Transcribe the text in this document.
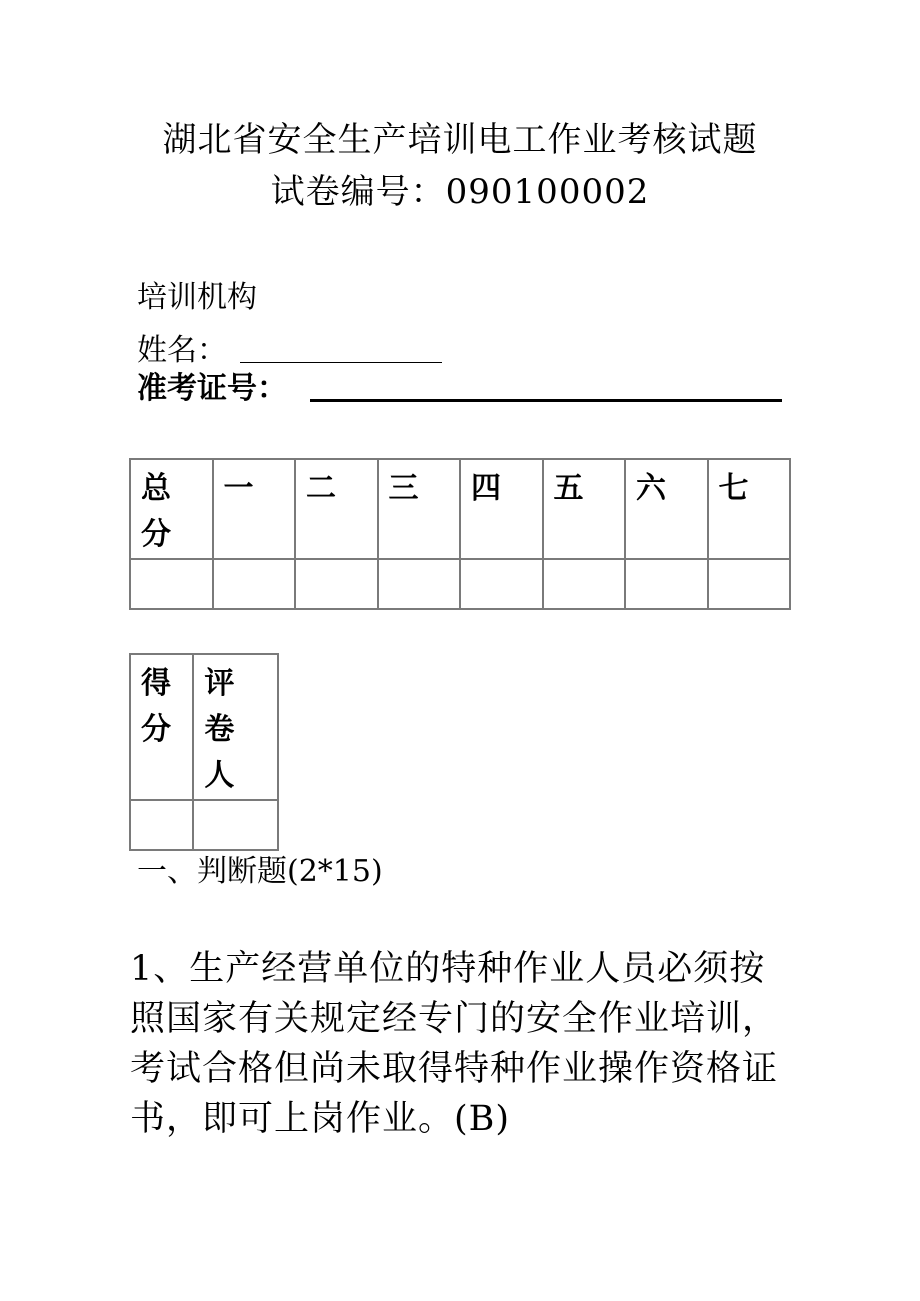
湖北省安全生产培训电工作业考核试题
试卷编号：090100002
培训机构
姓名：
准考证号：
总分	一	二	三	四	五	六	七

得分	评卷人

一、判断题(2*15)
1、生产经营单位的特种作业人员必须按照国家有关规定经专门的安全作业培训，考试合格但尚未取得特种作业操作资格证书，即可上岗作业。(B)
